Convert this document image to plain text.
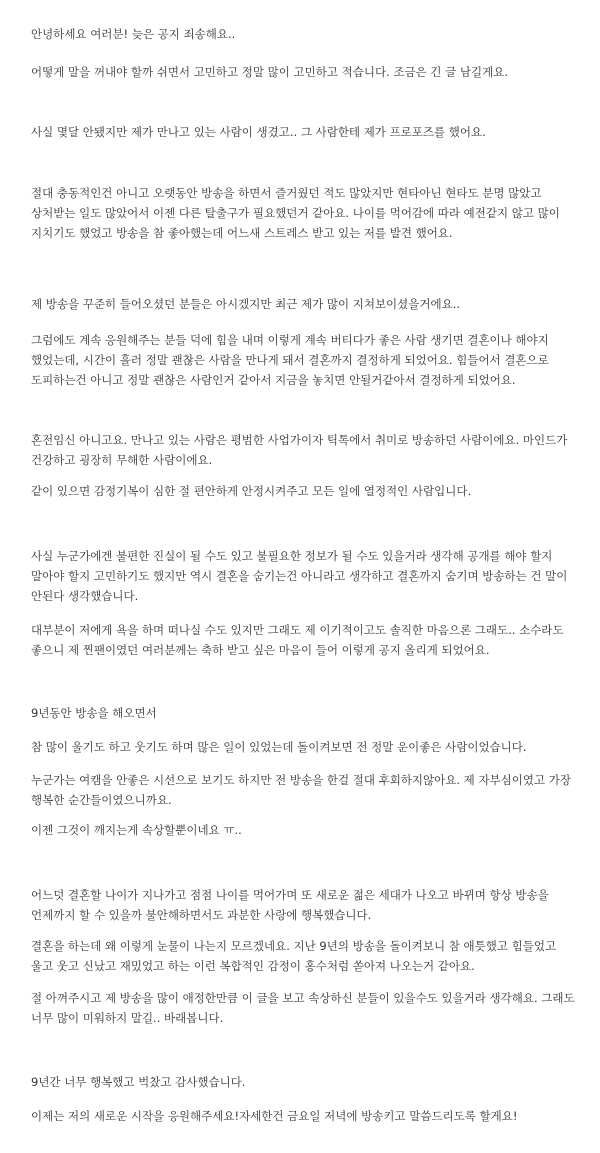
안녕하세요 여러분! 늦은 공지 죄송해요..

어떻게 말을 꺼내야 할까 쉬면서 고민하고 정말 많이 고민하고 적습니다. 조금은 긴 글 남길게요.

사실 몇달 안됐지만 제가 만나고 있는 사람이 생겼고.. 그 사람한테 제가 프로포즈를 했어요.

절대 충동적인건 아니고 오랫동안 방송을 하면서 즐거웠던 적도 많았지만 현타아닌 현타도 분명 많았고 상처받는 일도 많았어서 이젠 다른 탈출구가 필요했던거 같아요. 나이를 먹어감에 따라 예전같지 않고 많이 지치기도 했었고 방송을 참 좋아했는데 어느새 스트레스 받고 있는 저를 발견 했어요.

제 방송을 꾸준히 들어오셨던 분들은 아시겠지만 최근 제가 많이 지쳐보이셨을거에요..

그럼에도 계속 응원해주는 분들 덕에 힘을 내며 이렇게 계속 버티다가 좋은 사람 생기면 결혼이나 해야지 했었는데, 시간이 흘러 정말 괜찮은 사람을 만나게 돼서 결혼까지 결정하게 되었어요. 힘들어서 결혼으로 도피하는건 아니고 정말 괜찮은 사람인거 같아서 지금을 놓치면 안될거같아서 결정하게 되었어요.

혼전임신 아니고요. 만나고 있는 사람은 평범한 사업가이자 틱톡에서 취미로 방송하던 사람이에요. 마인드가 건강하고 굉장히 무해한 사람이에요.

같이 있으면 감정기복이 심한 절 편안하게 안정시켜주고 모든 일에 열정적인 사람입니다.

사실 누군가에겐 불편한 진실이 될 수도 있고 불필요한 정보가 될 수도 있을거라 생각해 공개를 해야 할지 말아야 할지 고민하기도 했지만 역시 결혼을 숨기는건 아니라고 생각하고 결혼까지 숨기며 방송하는 건 말이 안된다 생각했습니다.

대부분이 저에게 욕을 하며 떠나실 수도 있지만 그래도 제 이기적이고도 솔직한 마음으론 그래도.. 소수라도 좋으니 제 찐팬이였던 여러분께는 축하 받고 싶은 마음이 들어 이렇게 공지 올리게 되었어요.

9년동안 방송을 해오면서

참 많이 울기도 하고 웃기도 하며 많은 일이 있었는데 돌이켜보면 전 정말 운이좋은 사람이었습니다.

누군가는 여캠을 안좋은 시선으로 보기도 하지만 전 방송을 한걸 절대 후회하지않아요. 제 자부심이였고 가장 행복한 순간들이였으니까요.

이젠 그것이 깨지는게 속상할뿐이네요 ㅠ..

어느덧 결혼할 나이가 지나가고 점점 나이를 먹어가며 또 새로운 젊은 세대가 나오고 바뀌며 항상 방송을 언제까지 할 수 있을까 불안해하면서도 과분한 사랑에 행복했습니다.

결혼을 하는데 왜 이렇게 눈물이 나는지 모르겠네요. 지난 9년의 방송을 돌이켜보니 참 애틋했고 힘들었고 울고 웃고 신났고 재밌었고 하는 이런 복합적인 감정이 홍수처럼 쏟아져 나오는거 같아요.

절 아껴주시고 제 방송을 많이 애정한만큼 이 글을 보고 속상하신 분들이 있을수도 있을거라 생각해요. 그래도 너무 많이 미워하지 말길.. 바래봅니다.

9년간 너무 행복했고 벅찼고 감사했습니다.

이제는 저의 새로운 시작을 응원해주세요!자세한건 금요일 저녁에 방송키고 말씀드리도록 할게요!
